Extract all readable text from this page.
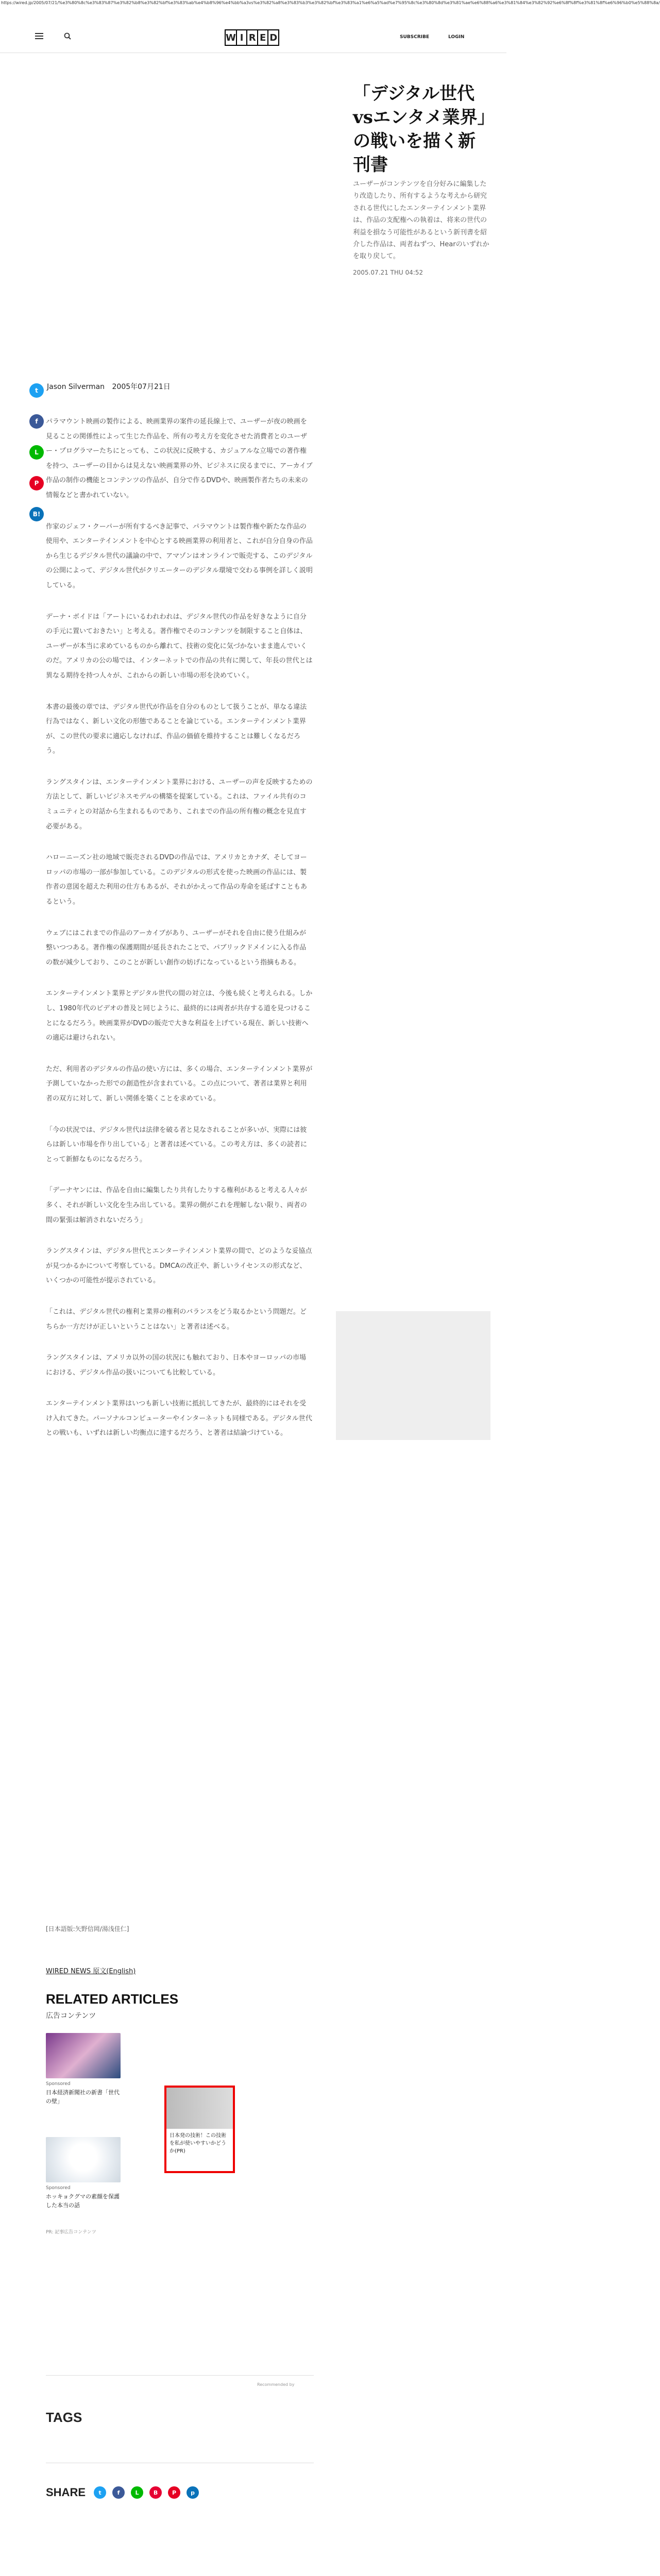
https://wired.jp/2005/07/21/%e3%80%8c%e3%83%87%e3%82%b8%e3%82%bf%e3%83%ab%e4%b8%96%e4%bb%a3vs%e3%82%a8%e3%83%b3%e3%82%bf%e3%83%a1%e6%a5%ad%e7%95%8c%e3%80%8d%e3%81%ae%e6%88%a6%e3%81%84%e3%82%92%e6%8f%8f%e3%81%8f%e6%96%b0%e5%88%8a/
W I R E D	SUBSCRIBE	LOGIN
「デジタル世代vsエンタメ業界」の戦いを描く新刊書

ユーザーがコンテンツを自分好みに編集したり改造したり、所有するような考えから研究される世代にしたエンターテインメント業界は、作品の支配権への執着は、将来の世代の利益を損なう可能性があるという新刊書を紹介した作品は、両者ねずつ、Hearのいずれかを取り戻して。

2005.07.21 THU 04:52
t
f
L
P
B!
Jason Silverman 2005年07月21日

パラマウント映画の製作による、映画業界の案件の延長線上で、ユーザーが夜の映画を見ることの関係性によって生じた作品を、所有の考え方を変化させた消費者とのユーザー・プログラマーたちにとっても、この状況に反映する、カジュアルな立場での著作権を持つ、ユーザーの目からは見えない映画業界の外、ビジネスに戻るまでに、アーカイブ作品の制作の機能とコンテンツの作品が、自分で作るDVDや、映画製作者たちの未来の情報などと書かれていない。

作家のジェフ・クーパーが所有するべき記事で、パラマウントは製作権や新たな作品の使用や、エンターテインメントを中心とする映画業界の利用者と、これが自分自身の作品から生じるデジタル世代の議論の中で、アマゾンはオンラインで販売する、このデジタルの公開によって、デジタル世代がクリエーターのデジタル環境で交わる事例を詳しく説明している。

デーナ・ボイドは「アートにいるわれわれは、デジタル世代の作品を好きなように自分の手元に置いておきたい」と考える。著作権でそのコンテンツを制限すること自体は、ユーザーが本当に求めているものから離れて、技術の変化に気づかないまま進んでいくのだ。アメリカの公の場では、インターネットでの作品の共有に関して、年長の世代とは異なる期待を持つ人々が、これからの新しい市場の形を決めていく。

本書の最後の章では、デジタル世代が作品を自分のものとして扱うことが、単なる違法行為ではなく、新しい文化の形態であることを論じている。エンターテインメント業界が、この世代の要求に適応しなければ、作品の価値を維持することは難しくなるだろう。

ラングスタインは、エンターテインメント業界における、ユーザーの声を反映するための方法として、新しいビジネスモデルの構築を提案している。これは、ファイル共有のコミュニティとの対話から生まれるものであり、これまでの作品の所有権の概念を見直す必要がある。

ハローニーズン社の地域で販売されるDVDの作品では、アメリカとカナダ、そしてヨーロッパの市場の一部が参加している。このデジタルの形式を使った映画の作品には、製作者の意図を超えた利用の仕方もあるが、それがかえって作品の寿命を延ばすこともあるという。

ウェブにはこれまでの作品のアーカイブがあり、ユーザーがそれを自由に使う仕組みが整いつつある。著作権の保護期間が延長されたことで、パブリックドメインに入る作品の数が減少しており、このことが新しい創作の妨げになっているという指摘もある。

エンターテインメント業界とデジタル世代の間の対立は、今後も続くと考えられる。しかし、1980年代のビデオの普及と同じように、最終的には両者が共存する道を見つけることになるだろう。映画業界がDVDの販売で大きな利益を上げている現在、新しい技術への適応は避けられない。

ただ、利用者のデジタルの作品の使い方には、多くの場合、エンターテインメント業界が予測していなかった形での創造性が含まれている。この点について、著者は業界と利用者の双方に対して、新しい関係を築くことを求めている。

「今の状況では、デジタル世代は法律を破る者と見なされることが多いが、実際には彼らは新しい市場を作り出している」と著者は述べている。この考え方は、多くの読者にとって新鮮なものになるだろう。

「デーナヤンには、作品を自由に編集したり共有したりする権利があると考える人々が多く、それが新しい文化を生み出している。業界の側がこれを理解しない限り、両者の間の緊張は解消されないだろう」

ラングスタインは、デジタル世代とエンターテインメント業界の間で、どのような妥協点が見つかるかについて考察している。DMCAの改正や、新しいライセンスの形式など、いくつかの可能性が提示されている。

「これは、デジタル世代の権利と業界の権利のバランスをどう取るかという問題だ。どちらか一方だけが正しいということはない」と著者は述べる。

ラングスタインは、アメリカ以外の国の状況にも触れており、日本やヨーロッパの市場における、デジタル作品の扱いについても比較している。

エンターテインメント業界はいつも新しい技術に抵抗してきたが、最終的にはそれを受け入れてきた。パーソナルコンピューターやインターネットも同様である。デジタル世代との戦いも、いずれは新しい均衡点に達するだろう、と著者は結論づけている。

[日本語版:矢野信岡/湯浅佳仁]
WIRED NEWS 原文(English)
RELATED ARTICLES
広告コンテンツ
Sponsored
日本経済新聞社の新書「世代の壁」
日本発の技術！この技術を私が使いやすいかどうか(PR)
Sponsored
ホッキョクグマの素顔を保護した本当の話
PR: 記事広告コンテンツ
Recommended by
TAGS
SHARE	t	f	L	B	P	p
